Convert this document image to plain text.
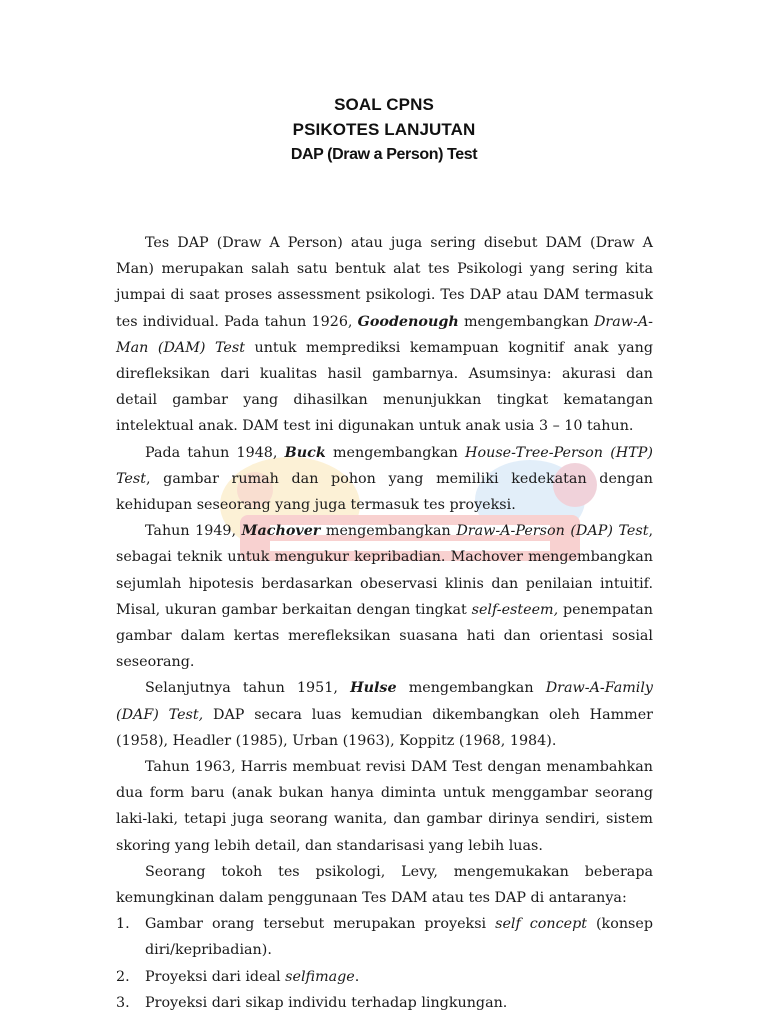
SOAL CPNS
PSIKOTES LANJUTAN
DAP (Draw a Person) Test

Tes DAP (Draw A Person) atau juga sering disebut DAM (Draw A Man) merupakan salah satu bentuk alat tes Psikologi yang sering kita jumpai di saat proses assessment psikologi. Tes DAP atau DAM termasuk tes individual. Pada tahun 1926, Goodenough mengembangkan Draw-A-Man (DAM) Test untuk memprediksi kemampuan kognitif anak yang direfleksikan dari kualitas hasil gambarnya. Asumsinya: akurasi dan detail gambar yang dihasilkan menunjukkan tingkat kematangan intelektual anak. DAM test ini digunakan untuk anak usia 3 – 10 tahun.

Pada tahun 1948, Buck mengembangkan House-Tree-Person (HTP) Test, gambar rumah dan pohon yang memiliki kedekatan dengan kehidupan seseorang yang juga termasuk tes proyeksi.

Tahun 1949, Machover mengembangkan Draw-A-Person (DAP) Test, sebagai teknik untuk mengukur kepribadian. Machover mengembangkan sejumlah hipotesis berdasarkan obeservasi klinis dan penilaian intuitif. Misal, ukuran gambar berkaitan dengan tingkat self-esteem, penempatan gambar dalam kertas merefleksikan suasana hati dan orientasi sosial seseorang.

Selanjutnya tahun 1951, Hulse mengembangkan Draw-A-Family (DAF) Test, DAP secara luas kemudian dikembangkan oleh Hammer (1958), Headler (1985), Urban (1963), Koppitz (1968, 1984).

Tahun 1963, Harris membuat revisi DAM Test dengan menambahkan dua form baru (anak bukan hanya diminta untuk menggambar seorang laki-laki, tetapi juga seorang wanita, dan gambar dirinya sendiri, sistem skoring yang lebih detail, dan standarisasi yang lebih luas.

Seorang tokoh tes psikologi, Levy, mengemukakan beberapa kemungkinan dalam penggunaan Tes DAM atau tes DAP di antaranya:

1. Gambar orang tersebut merupakan proyeksi self concept (konsep diri/kepribadian).
2. Proyeksi dari ideal selfimage.
3. Proyeksi dari sikap individu terhadap lingkungan.
